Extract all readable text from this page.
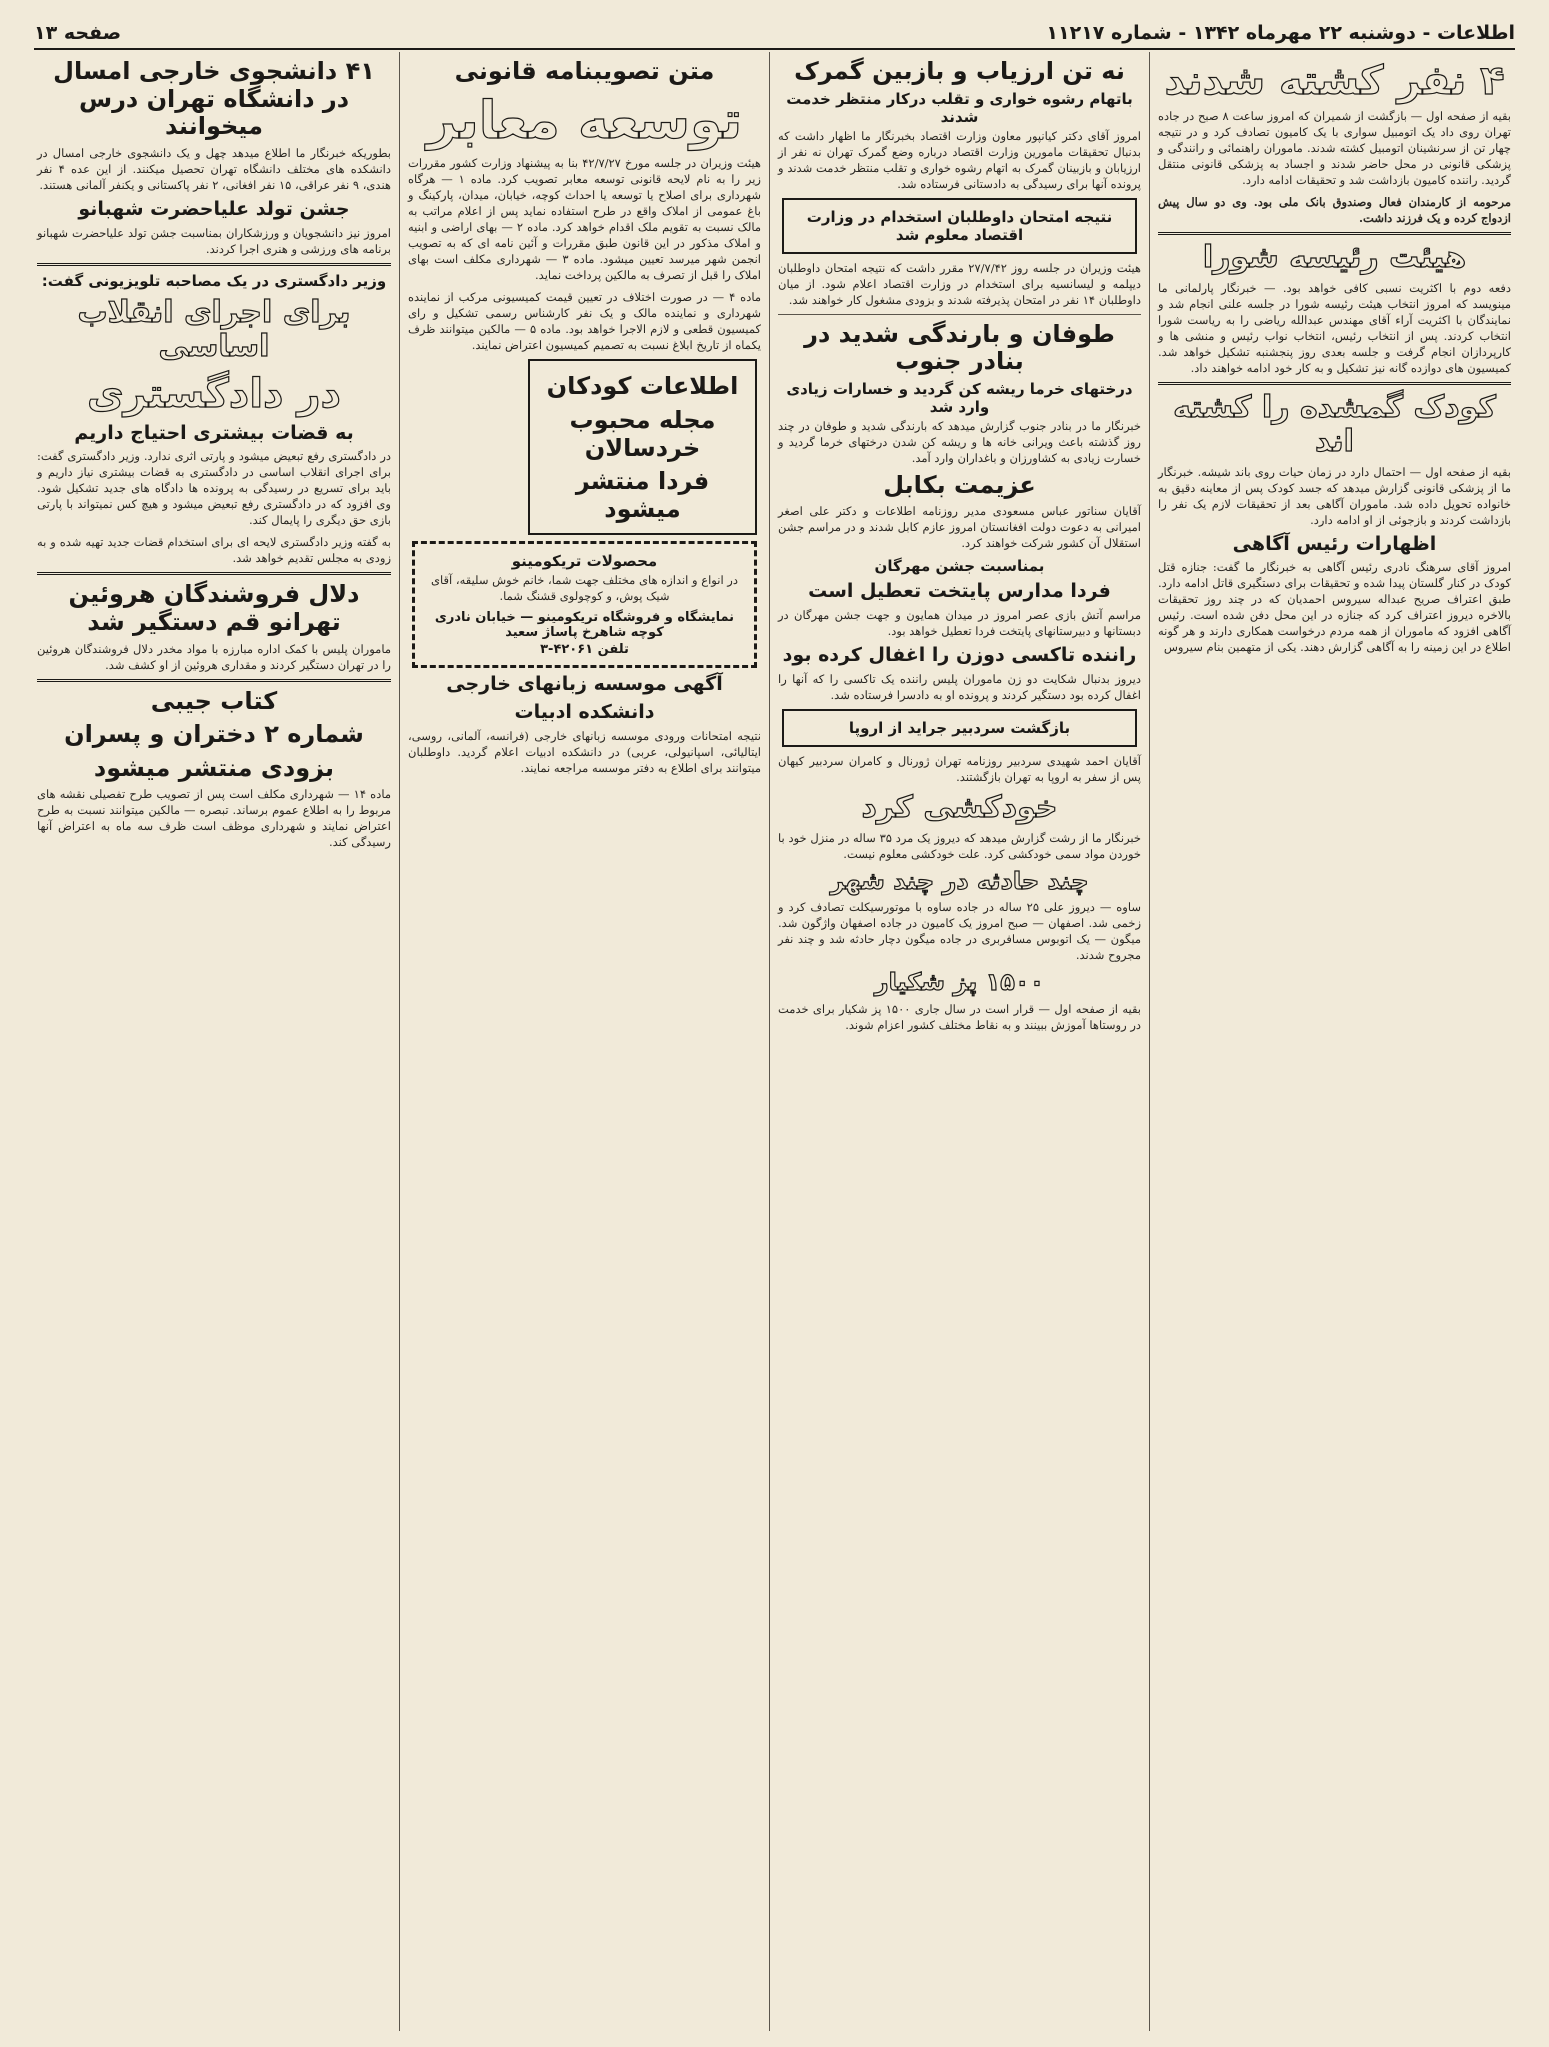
اطلاعات - دوشنبه ۲۲ مهرماه ۱۳۴۲ - شماره ۱۱۲۱۷
صفحه ۱۳
۴ نفر کشته شدند
بقیه از صفحه اول — بازگشت از شمیران که امروز ساعت ۸ صبح در جاده تهران روی داد یک اتومبیل سواری با یک کامیون تصادف کرد و در نتیجه چهار تن از سرنشینان اتومبیل کشته شدند. ماموران راهنمائی و رانندگی و پزشکی قانونی در محل حاضر شدند و اجساد به پزشکی قانونی منتقل گردید. راننده کامیون بازداشت شد و تحقیقات ادامه دارد.
مرحومه از کارمندان فعال وصندوق بانک ملی بود. وی دو سال پیش ازدواج کرده و یک فرزند داشت.
هیئت رئیسه شورا
دفعه دوم با اکثریت نسبی کافی خواهد بود. — خبرنگار پارلمانی ما مینویسد که امروز انتخاب هیئت رئیسه شورا در جلسه علنی انجام شد و نمایندگان با اکثریت آراء آقای مهندس عبدالله ریاضی را به ریاست شورا انتخاب کردند. پس از انتخاب رئیس، انتخاب نواب رئیس و منشی ها و کارپردازان انجام گرفت و جلسه بعدی روز پنجشنبه تشکیل خواهد شد. کمیسیون های دوازده گانه نیز تشکیل و به کار خود ادامه خواهند داد.
کودک گمشده را کشته اند
بقیه از صفحه اول — احتمال دارد در زمان حیات روی باند شیشه. خبرنگار ما از پزشکی قانونی گزارش میدهد که جسد کودک پس از معاینه دقیق به خانواده تحویل داده شد. ماموران آگاهی بعد از تحقیقات لازم یک نفر را بازداشت کردند و بازجوئی از او ادامه دارد.
اظهارات رئیس آگاهی
امروز آقای سرهنگ نادری رئیس آگاهی به خبرنگار ما گفت: جنازه قتل کودک در کنار گلستان پیدا شده و تحقیقات برای دستگیری قاتل ادامه دارد. طبق اعتراف صریح عبداله سیروس احمدیان که در چند روز تحقیقات بالاخره دیروز اعتراف کرد که جنازه در این محل دفن شده است. رئیس آگاهی افزود که ماموران از همه مردم درخواست همکاری دارند و هر گونه اطلاع در این زمینه را به آگاهی گزارش دهند. یکی از متهمین بنام سیروس
نه تن ارزیاب و بازبین گمرک
باتهام رشوه خواری و تقلب درکار منتظر خدمت شدند
امروز آقای دکتر کیانپور معاون وزارت اقتصاد بخبرنگار ما اظهار داشت که بدنبال تحقیقات مامورین وزارت اقتصاد درباره وضع گمرک تهران نه نفر از ارزیابان و بازبینان گمرک به اتهام رشوه خواری و تقلب منتظر خدمت شدند و پرونده آنها برای رسیدگی به دادستانی فرستاده شد.
نتیجه امتحان داوطلبان استخدام در وزارت اقتصاد معلوم شد
هیئت وزیران در جلسه روز ۲۷/۷/۴۲ مقرر داشت که نتیجه امتحان داوطلبان دیپلمه و لیسانسیه برای استخدام در وزارت اقتصاد اعلام شود. از میان داوطلبان ۱۴ نفر در امتحان پذیرفته شدند و بزودی مشغول کار خواهند شد.
طوفان و بارندگی شدید در بنادر جنوب
درختهای خرما ریشه کن گردید و خسارات زیادی وارد شد
خبرنگار ما در بنادر جنوب گزارش میدهد که بارندگی شدید و طوفان در چند روز گذشته باعث ویرانی خانه ها و ریشه کن شدن درختهای خرما گردید و خسارت زیادی به کشاورزان و باغداران وارد آمد.
عزیمت بکابل
آقایان سناتور عباس مسعودی مدیر روزنامه اطلاعات و دکتر علی اصغر امیرانی به دعوت دولت افغانستان امروز عازم کابل شدند و در مراسم جشن استقلال آن کشور شرکت خواهند کرد.
بمناسبت جشن مهرگان
فردا مدارس پایتخت تعطیل است
مراسم آتش بازی عصر امروز در میدان همایون و جهت جشن مهرگان در دبستانها و دبیرستانهای پایتخت فردا تعطیل خواهد بود.
راننده تاکسی دوزن را اغفال کرده بود
دیروز بدنبال شکایت دو زن ماموران پلیس راننده یک تاکسی را که آنها را اغفال کرده بود دستگیر کردند و پرونده او به دادسرا فرستاده شد.
بازگشت سردبیر جراید از اروپا
آقایان احمد شهیدی سردبیر روزنامه تهران ژورنال و کامران سردبیر کیهان پس از سفر به اروپا به تهران بازگشتند.
خودکشی کرد
خبرنگار ما از رشت گزارش میدهد که دیروز یک مرد ۳۵ ساله در منزل خود با خوردن مواد سمی خودکشی کرد. علت خودکشی معلوم نیست.
چند حادثه در چند شهر
ساوه — دیروز علی ۲۵ ساله در جاده ساوه با موتورسیکلت تصادف کرد و زخمی شد. اصفهان — صبح امروز یک کامیون در جاده اصفهان واژگون شد. میگون — یک اتوبوس مسافربری در جاده میگون دچار حادثه شد و چند نفر مجروح شدند.
۱۵۰۰ پز شکیار
بقیه از صفحه اول — قرار است در سال جاری ۱۵۰۰ پز شکیار برای خدمت در روستاها آموزش ببینند و به نقاط مختلف کشور اعزام شوند.
متن تصویبنامه قانونی
توسعه معابر
هیئت وزیران در جلسه مورخ ۴۲/۷/۲۷ بنا به پیشنهاد وزارت کشور مقررات زیر را به نام لایحه قانونی توسعه معابر تصویب کرد. ماده ۱ — هرگاه شهرداری برای اصلاح یا توسعه یا احداث کوچه، خیابان، میدان، پارکینگ و باغ عمومی از املاک واقع در طرح استفاده نماید پس از اعلام مراتب به مالک نسبت به تقویم ملک اقدام خواهد کرد. ماده ۲ — بهای اراضی و ابنیه و املاک مذکور در این قانون طبق مقررات و آئین نامه ای که به تصویب انجمن شهر میرسد تعیین میشود. ماده ۳ — شهرداری مکلف است بهای املاک را قبل از تصرف به مالکین پرداخت نماید.
ماده ۴ — در صورت اختلاف در تعیین قیمت کمیسیونی مرکب از نماینده شهرداری و نماینده مالک و یک نفر کارشناس رسمی تشکیل و رای کمیسیون قطعی و لازم الاجرا خواهد بود. ماده ۵ — مالکین میتوانند ظرف یکماه از تاریخ ابلاغ نسبت به تصمیم کمیسیون اعتراض نمایند.
اطلاعات کودکان
مجله محبوب خردسالان
فردا منتشر میشود
محصولات تریکومینو
در انواع و اندازه های مختلف جهت شما، خانم خوش سلیقه، آقای شیک پوش، و کوچولوی قشنگ شما.
نمایشگاه و فروشگاه تریکومینو — خیابان نادری کوچه شاهرخ پاساژ سعید
تلفن ۴۲۰۶۱-۳
آگهی موسسه زبانهای خارجی
دانشکده ادبیات
نتیجه امتحانات ورودی موسسه زبانهای خارجی (فرانسه، آلمانی، روسی، ایتالیائی، اسپانیولی، عربی) در دانشکده ادبیات اعلام گردید. داوطلبان میتوانند برای اطلاع به دفتر موسسه مراجعه نمایند.
۴۱ دانشجوی خارجی امسال در دانشگاه تهران درس میخوانند
بطوریکه خبرنگار ما اطلاع میدهد چهل و یک دانشجوی خارجی امسال در دانشکده های مختلف دانشگاه تهران تحصیل میکنند. از این عده ۴ نفر هندی، ۹ نفر عراقی، ۱۵ نفر افغانی، ۲ نفر پاکستانی و یکنفر آلمانی هستند.
جشن تولد علیاحضرت شهبانو
امروز نیز دانشجویان و ورزشکاران بمناسبت جشن تولد علیاحضرت شهبانو برنامه های ورزشی و هنری اجرا کردند.
وزیر دادگستری در یک مصاحبه تلویزیونی گفت:
برای اجرای انقلاب اساسی
در دادگستری
به قضات بیشتری احتیاج داریم
در دادگستری رفع تبعیض میشود و پارتی اثری ندارد. وزیر دادگستری گفت: برای اجرای انقلاب اساسی در دادگستری به قضات بیشتری نیاز داریم و باید برای تسریع در رسیدگی به پرونده ها دادگاه های جدید تشکیل شود. وی افزود که در دادگستری رفع تبعیض میشود و هیچ کس نمیتواند با پارتی بازی حق دیگری را پایمال کند.
به گفته وزیر دادگستری لایحه ای برای استخدام قضات جدید تهیه شده و به زودی به مجلس تقدیم خواهد شد.
دلال فروشندگان هروئین تهرانو قم دستگیر شد
ماموران پلیس با کمک اداره مبارزه با مواد مخدر دلال فروشندگان هروئین را در تهران دستگیر کردند و مقداری هروئین از او کشف شد.
کتاب جیبی
شماره ۲ دختران و پسران
بزودی منتشر میشود
ماده ۱۴ — شهرداری مکلف است پس از تصویب طرح تفصیلی نقشه های مربوط را به اطلاع عموم برساند. تبصره — مالکین میتوانند نسبت به طرح اعتراض نمایند و شهرداری موظف است ظرف سه ماه به اعتراض آنها رسیدگی کند.
